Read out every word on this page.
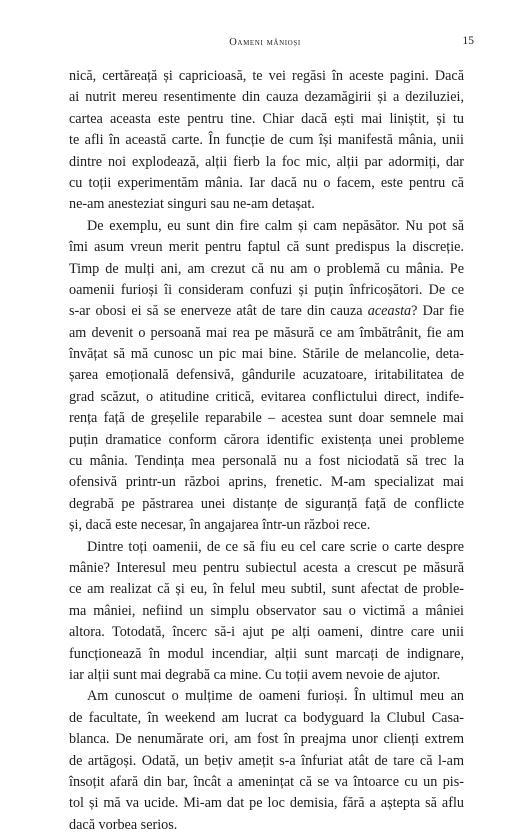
Oameni mânioși	15
nică, certăreață și capricioasă, te vei regăsi în aceste pagini. Dacă
ai nutrit mereu resentimente din cauza dezamăgirii și a deziluziei,
cartea aceasta este pentru tine. Chiar dacă ești mai liniștit, și tu
te afli în această carte. În funcție de cum își manifestă mânia, unii
dintre noi explodează, alții fierb la foc mic, alții par adormiți, dar
cu toții experimentăm mânia. Iar dacă nu o facem, este pentru că
ne-am anesteziat singuri sau ne-am detașat.
De exemplu, eu sunt din fire calm și cam nepăsător. Nu pot să
îmi asum vreun merit pentru faptul că sunt predispus la discreție.
Timp de mulți ani, am crezut că nu am o problemă cu mânia. Pe
oamenii furioși îi consideram confuzi și puțin înfricoșători. De ce
s-ar obosi ei să se enerveze atât de tare din cauza aceasta? Dar fie
am devenit o persoană mai rea pe măsură ce am îmbătrânit, fie am
învățat să mă cunosc un pic mai bine. Stările de melancolie, deta-
șarea emoțională defensivă, gândurile acuzatoare, iritabilitatea de
grad scăzut, o atitudine critică, evitarea conflictului direct, indife-
rența față de greșelile reparabile – acestea sunt doar semnele mai
puțin dramatice conform cărora identific existența unei probleme
cu mânia. Tendința mea personală nu a fost niciodată să trec la
ofensivă printr-un război aprins, frenetic. M-am specializat mai
degrabă pe păstrarea unei distanțe de siguranță față de conflicte
și, dacă este necesar, în angajarea într-un război rece.
Dintre toți oamenii, de ce să fiu eu cel care scrie o carte despre
mânie? Interesul meu pentru subiectul acesta a crescut pe măsură
ce am realizat că și eu, în felul meu subtil, sunt afectat de proble-
ma mâniei, nefiind un simplu observator sau o victimă a mâniei
altora. Totodată, încerc să-i ajut pe alți oameni, dintre care unii
funcționează în modul incendiar, alții sunt marcați de indignare,
iar alții sunt mai degrabă ca mine. Cu toții avem nevoie de ajutor.
Am cunoscut o mulțime de oameni furioși. În ultimul meu an
de facultate, în weekend am lucrat ca bodyguard la Clubul Casa-
blanca. De nenumărate ori, am fost în preajma unor clienți extrem
de artăgoși. Odată, un bețiv amețit s-a înfuriat atât de tare că l-am
însoțit afară din bar, încât a amenințat că se va întoarce cu un pis-
tol și mă va ucide. Mi-am dat pe loc demisia, fără a aștepta să aflu
dacă vorbea serios.
